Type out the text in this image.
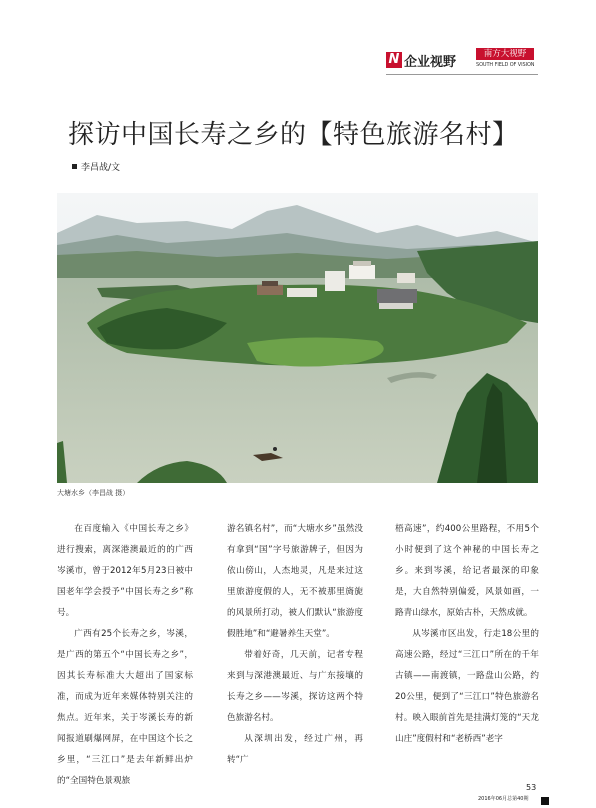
N 企业视野
南方大视野
SOUTH FIELD OF VISION
探访中国长寿之乡的【特色旅游名村】
李昌战/文
大塘水乡（李昌战 摄）

在百度输入《中国长寿之乡》进行搜索，离深港澳最近的的广西岑溪市，曾于2012年5月23日被中国老年学会授予“中国长寿之乡”称号。

广西有25个长寿之乡，岑溪，是广西的第五个“中国长寿之乡”，因其长寿标准大大超出了国家标准，而成为近年来媒体特别关注的焦点。近年来，关于岑溪长寿的新闻报道刷爆网屏，在中国这个长之乡里，“三江口”是去年新鲜出炉的“全国特色景观旅

游名镇名村”，而“大塘水乡”虽然没有拿到“国”字号旅游牌子，但因为依山傍山，人杰地灵，凡是来过这里旅游度假的人，无不被那里旖旎的风景所打动，被人们默认“旅游度假胜地”和“避暑养生天堂”。

带着好奇，几天前，记者专程来到与深港澳最近、与广东接壤的长寿之乡——岑溪，探访这两个特色旅游名村。

从深圳出发，经过广州，再转“广

梧高速”，约400公里路程，不用5个小时便到了这个神秘的中国长寿之乡。来到岑溪，给记者最深的印象是，大自然特别偏爱，风景如画，一路青山绿水，原始古朴，天然成就。

从岑溪市区出发，行走18公里的高速公路，经过“三江口”所在的千年古镇——南渡镇，一路盘山公路，约20公里，便到了“三江口”特色旅游名村。映入眼前首先是挂满灯笼的“天龙山庄”度假村和“老桥西”老字

53
2016年06月总第40期
